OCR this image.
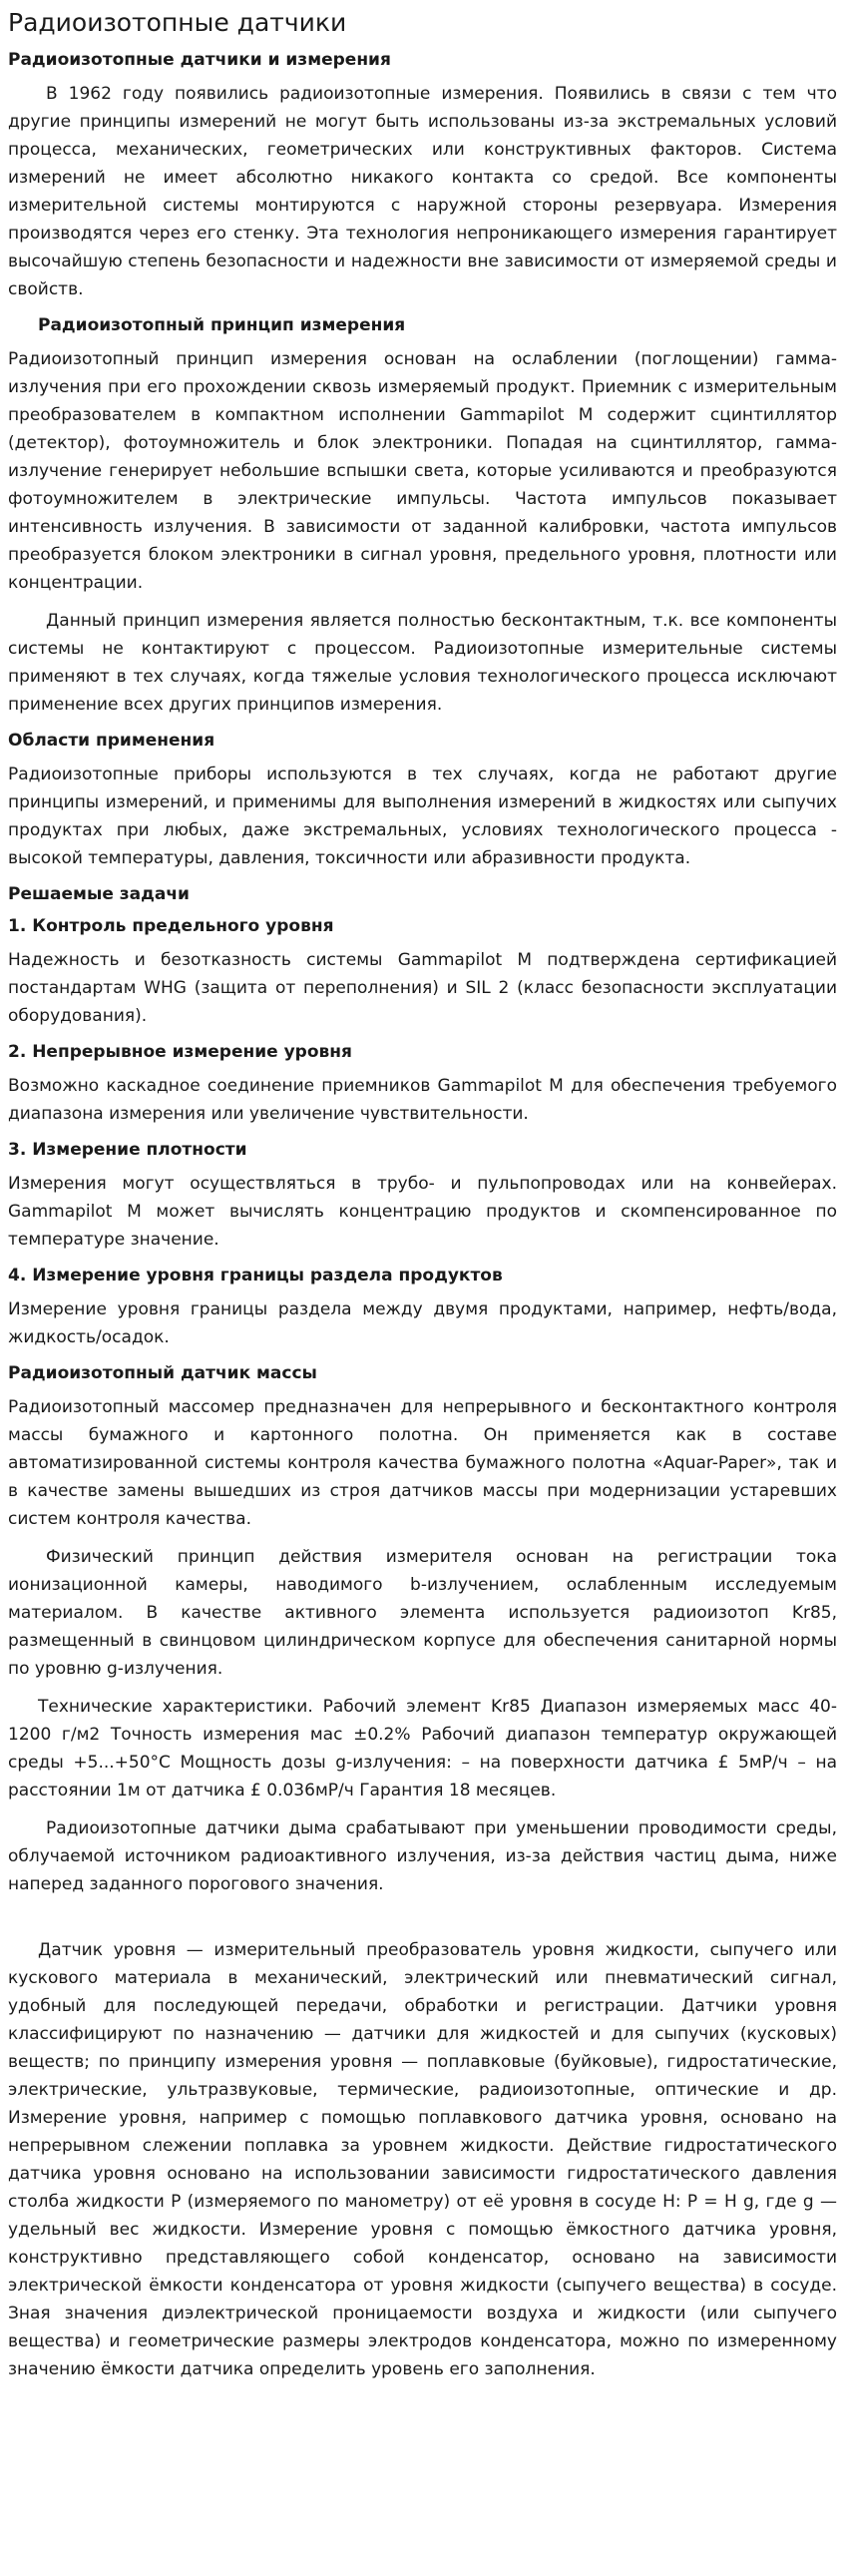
Радиоизотопные датчики
Радиоизотопные датчики и измерения

В 1962 году появились радиоизотопные измерения. Появились в связи с тем что другие принципы измерений не могут быть использованы из-за экстремальных условий процесса, механических, геометрических или конструктивных факторов. Система измерений не имеет абсолютно никакого контакта со средой. Все компоненты измерительной системы монтируются с наружной стороны резервуара. Измерения производятся через его стенку. Эта технология непроникающего измерения гарантирует высочайшую степень безопасности и надежности вне зависимости от измеряемой среды и свойств.

Радиоизотопный принцип измерения

Радиоизотопный принцип измерения основан на ослаблении (поглощении) гамма-излучения при его прохождении сквозь измеряемый продукт. Приемник с измерительным преобразователем в компактном исполнении Gammapilot M содержит сцинтиллятор (детектор), фотоумножитель и блок электроники. Попадая на сцинтиллятор, гамма-излучение генерирует небольшие вспышки света, которые усиливаются и преобразуются фотоумножителем в электрические импульсы. Частота импульсов показывает интенсивность излучения. В зависимости от заданной калибровки, частота импульсов преобразуется блоком электроники в сигнал уровня, предельного уровня, плотности или концентрации.

Данный принцип измерения является полностью бесконтактным, т.к. все компоненты системы не контактируют с процессом. Радиоизотопные измерительные системы применяют в тех случаях, когда тяжелые условия технологического процесса исключают применение всех других принципов измерения.

Области применения

Радиоизотопные приборы используются в тех случаях, когда не работают другие принципы измерений, и применимы для выполнения измерений в жидкостях или сыпучих продуктах при любых, даже экстремальных, условиях технологического процесса - высокой температуры, давления, токсичности или абразивности продукта.

Решаемые задачи
1. Контроль предельного уровня

Надежность и безотказность системы Gammapilot M подтверждена сертификацией постандартам WHG (защита от переполнения) и SIL 2 (класс безопасности эксплуатации оборудования).

2. Непрерывное измерение уровня

Возможно каскадное соединение приемников Gammapilot M для обеспечения требуемого диапазона измерения или увеличение чувствительности.

3. Измерение плотности

Измерения могут осуществляться в трубо- и пульпопроводах или на конвейерах. Gammapilot M может вычислять концентрацию продуктов и скомпенсированное по температуре значение.

4. Измерение уровня границы раздела продуктов

Измерение уровня границы раздела между двумя продуктами, например, нефть/вода, жидкость/осадок.

Радиоизотопный датчик массы

Радиоизотопный массомер предназначен для непрерывного и бесконтактного контроля массы бумажного и картонного полотна. Он применяется как в составе автоматизированной системы контроля качества бумажного полотна «Aquar-Paper», так и в качестве замены вышедших из строя датчиков массы при модернизации устаревших систем контроля качества.

Физический принцип действия измерителя основан на регистрации тока ионизационной камеры, наводимого b-излучением, ослабленным исследуемым материалом. В качестве активного элемента используется радиоизотоп Kr85, размещенный в свинцовом цилиндрическом корпусе для обеспечения санитарной нормы по уровню g-излучения.

Технические характеристики. Рабочий элемент Kr85 Диапазон измеряемых масс 40-1200 г/м2 Точность измерения мас ±0.2% Рабочий диапазон температур окружающей среды +5...+50°C Мощность дозы g-излучения: – на поверхности датчика £ 5мР/ч – на расстоянии 1м от датчика £ 0.036мР/ч Гарантия 18 месяцев.

Радиоизотопные датчики дыма срабатывают при уменьшении проводимости среды, облучаемой источником радиоактивного излучения, из-за действия частиц дыма, ниже наперед заданного порогового значения.

Датчик уровня — измерительный преобразователь уровня жидкости, сыпучего или кускового материала в механический, электрический или пневматический сигнал, удобный для последующей передачи, обработки и регистрации. Датчики уровня классифицируют по назначению — датчики для жидкостей и для сыпучих (кусковых) веществ; по принципу измерения уровня — поплавковые (буйковые), гидростатические, электрические, ультразвуковые, термические, радиоизотопные, оптические и др. Измерение уровня, например с помощью поплавкового датчика уровня, основано на непрерывном слежении поплавка за уровнем жидкости. Действие гидростатического датчика уровня основано на использовании зависимости гидростатического давления столба жидкости P (измеряемого по манометру) от её уровня в сосуде H: P = H g, где g — удельный вес жидкости. Измерение уровня с помощью ёмкостного датчика уровня, конструктивно представляющего собой конденсатор, основано на зависимости электрической ёмкости конденсатора от уровня жидкости (сыпучего вещества) в сосуде. Зная значения диэлектрической проницаемости воздуха и жидкости (или сыпучего вещества) и геометрические размеры электродов конденсатора, можно по измеренному значению ёмкости датчика определить уровень его заполнения.
